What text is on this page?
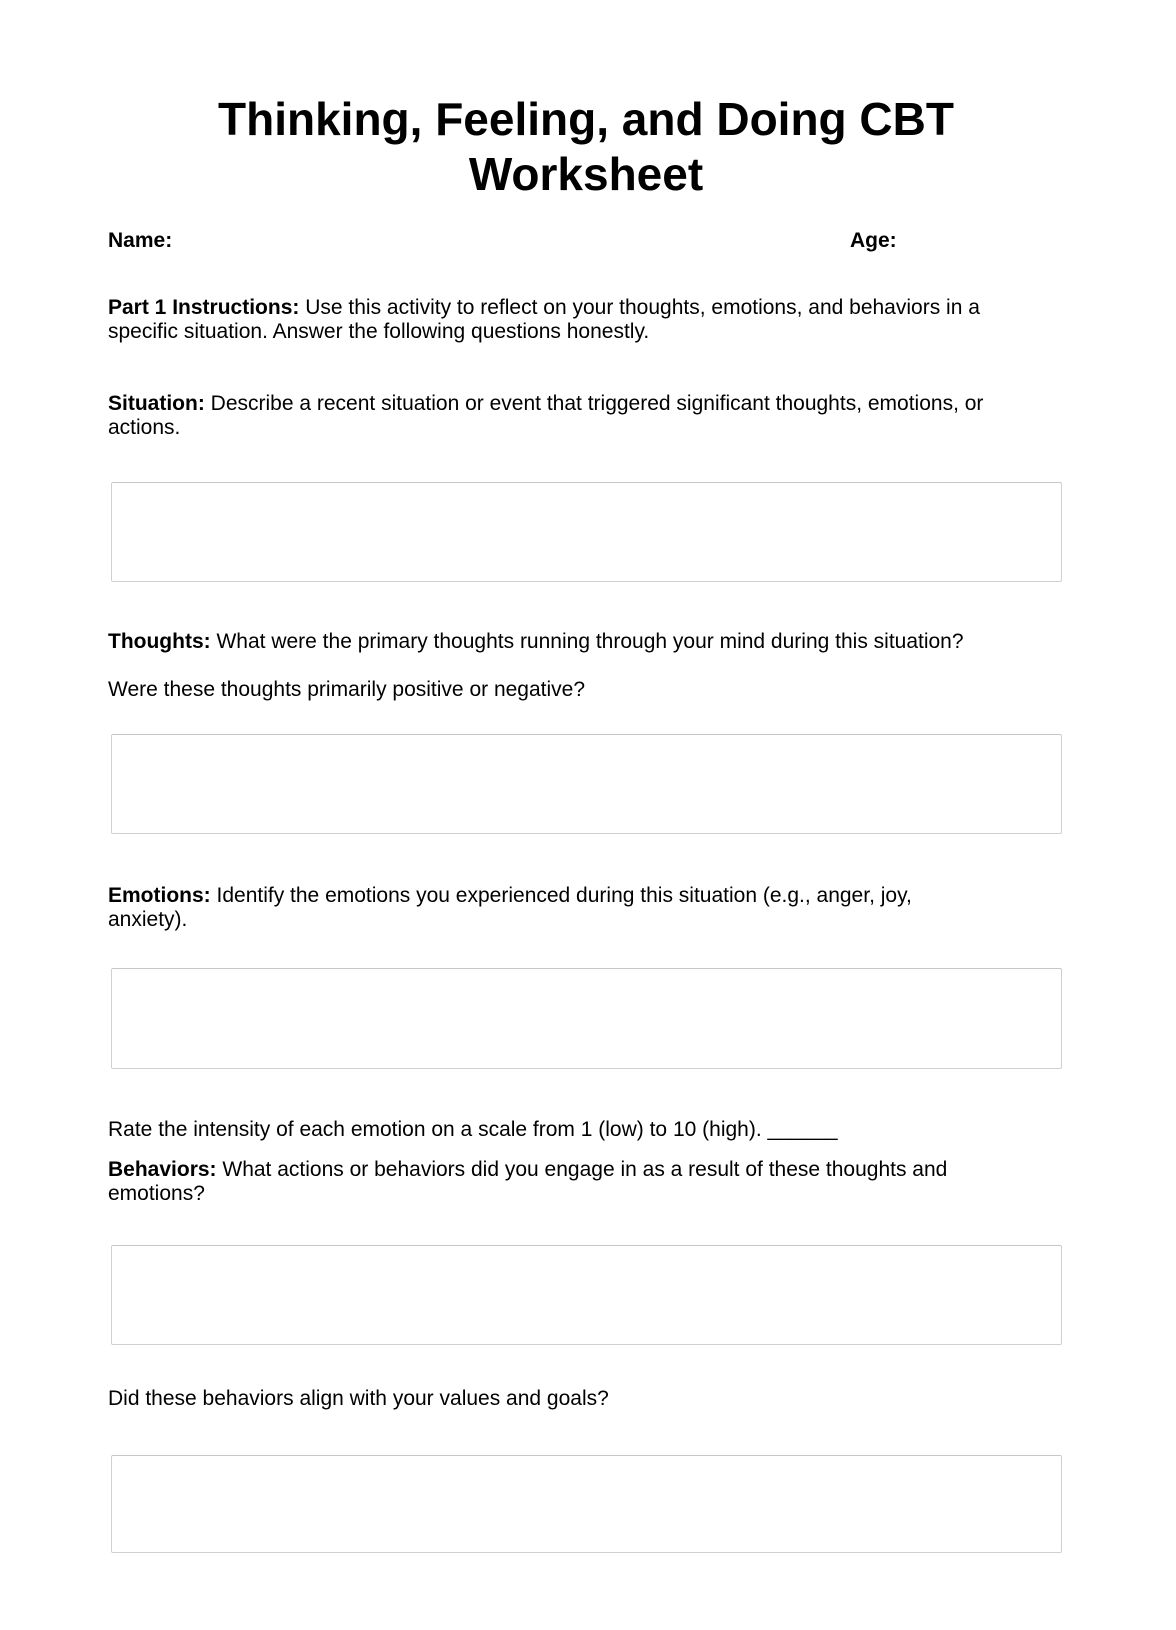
Thinking, Feeling, and Doing CBT
Worksheet
Name:	Age:

Part 1 Instructions: Use this activity to reflect on your thoughts, emotions, and behaviors in a
specific situation. Answer the following questions honestly.

Situation: Describe a recent situation or event that triggered significant thoughts, emotions, or
actions.

Thoughts: What were the primary thoughts running through your mind during this situation?

Were these thoughts primarily positive or negative?

Emotions: Identify the emotions you experienced during this situation (e.g., anger, joy,
anxiety).

Rate the intensity of each emotion on a scale from 1 (low) to 10 (high). ______

Behaviors: What actions or behaviors did you engage in as a result of these thoughts and
emotions?

Did these behaviors align with your values and goals?
